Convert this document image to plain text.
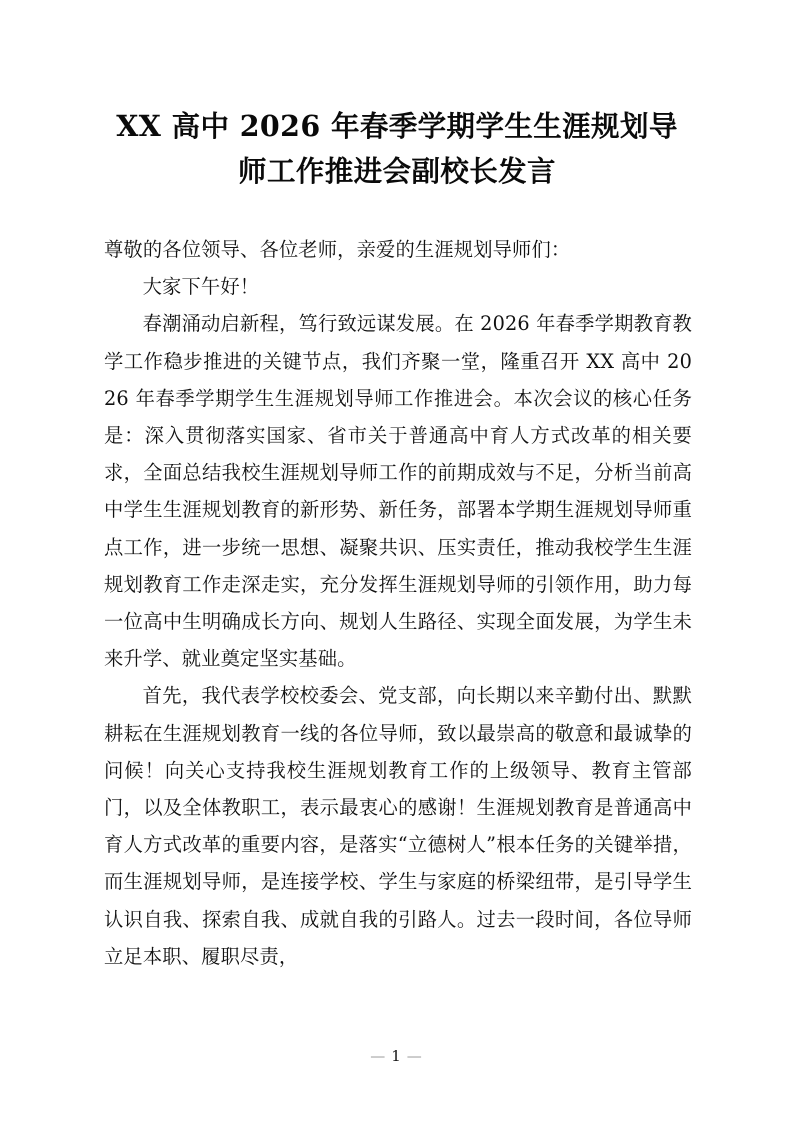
XX 高中 2026 年春季学期学生生涯规划导师工作推进会副校长发言

尊敬的各位领导、各位老师，亲爱的生涯规划导师们：

大家下午好！

春潮涌动启新程，笃行致远谋发展。在 2026 年春季学期教育教学工作稳步推进的关键节点，我们齐聚一堂，隆重召开 XX 高中 2026 年春季学期学生生涯规划导师工作推进会。本次会议的核心任务是：深入贯彻落实国家、省市关于普通高中育人方式改革的相关要求，全面总结我校生涯规划导师工作的前期成效与不足，分析当前高中学生生涯规划教育的新形势、新任务，部署本学期生涯规划导师重点工作，进一步统一思想、凝聚共识、压实责任，推动我校学生生涯规划教育工作走深走实，充分发挥生涯规划导师的引领作用，助力每一位高中生明确成长方向、规划人生路径、实现全面发展，为学生未来升学、就业奠定坚实基础。

首先，我代表学校校委会、党支部，向长期以来辛勤付出、默默耕耘在生涯规划教育一线的各位导师，致以最崇高的敬意和最诚挚的问候！向关心支持我校生涯规划教育工作的上级领导、教育主管部门，以及全体教职工，表示最衷心的感谢！生涯规划教育是普通高中育人方式改革的重要内容，是落实“立德树人”根本任务的关键举措，而生涯规划导师，是连接学校、学生与家庭的桥梁纽带，是引导学生认识自我、探索自我、成就自我的引路人。过去一段时间，各位导师立足本职、履职尽责，

— 1 —
